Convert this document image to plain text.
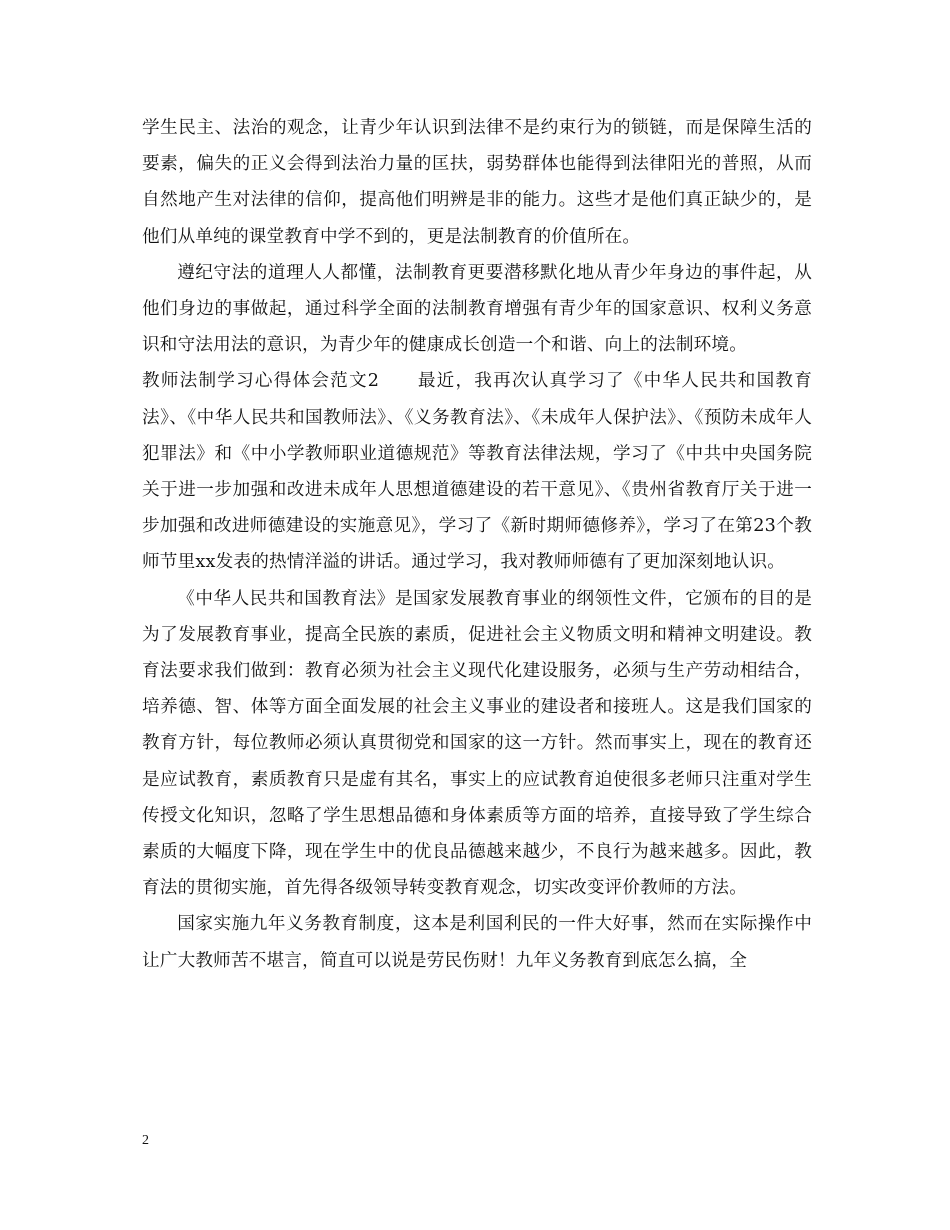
学生民主、法治的观念，让青少年认识到法律不是约束行为的锁链，而是保障生活的要素，偏失的正义会得到法治力量的匡扶，弱势群体也能得到法律阳光的普照，从而自然地产生对法律的信仰，提高他们明辨是非的能力。这些才是他们真正缺少的，是他们从单纯的课堂教育中学不到的，更是法制教育的价值所在。

遵纪守法的道理人人都懂，法制教育更要潜移默化地从青少年身边的事件起，从他们身边的事做起，通过科学全面的法制教育增强有青少年的国家意识、权利义务意识和守法用法的意识，为青少年的健康成长创造一个和谐、向上的法制环境。

教师法制学习心得体会范文2　　最近，我再次认真学习了《中华人民共和国教育法》、《中华人民共和国教师法》、《义务教育法》、《未成年人保护法》、《预防未成年人犯罪法》和《中小学教师职业道德规范》等教育法律法规，学习了《中共中央国务院关于进一步加强和改进未成年人思想道德建设的若干意见》、《贵州省教育厅关于进一步加强和改进师德建设的实施意见》，学习了《新时期师德修养》，学习了在第23个教师节里xx发表的热情洋溢的讲话。通过学习，我对教师师德有了更加深刻地认识。

《中华人民共和国教育法》是国家发展教育事业的纲领性文件，它颁布的目的是为了发展教育事业，提高全民族的素质，促进社会主义物质文明和精神文明建设。教育法要求我们做到：教育必须为社会主义现代化建设服务，必须与生产劳动相结合，培养德、智、体等方面全面发展的社会主义事业的建设者和接班人。这是我们国家的教育方针，每位教师必须认真贯彻党和国家的这一方针。然而事实上，现在的教育还是应试教育，素质教育只是虚有其名，事实上的应试教育迫使很多老师只注重对学生传授文化知识，忽略了学生思想品德和身体素质等方面的培养，直接导致了学生综合素质的大幅度下降，现在学生中的优良品德越来越少，不良行为越来越多。因此，教育法的贯彻实施，首先得各级领导转变教育观念，切实改变评价教师的方法。

国家实施九年义务教育制度，这本是利国利民的一件大好事，然而在实际操作中让广大教师苦不堪言，简直可以说是劳民伤财！九年义务教育到底怎么搞，全

2
